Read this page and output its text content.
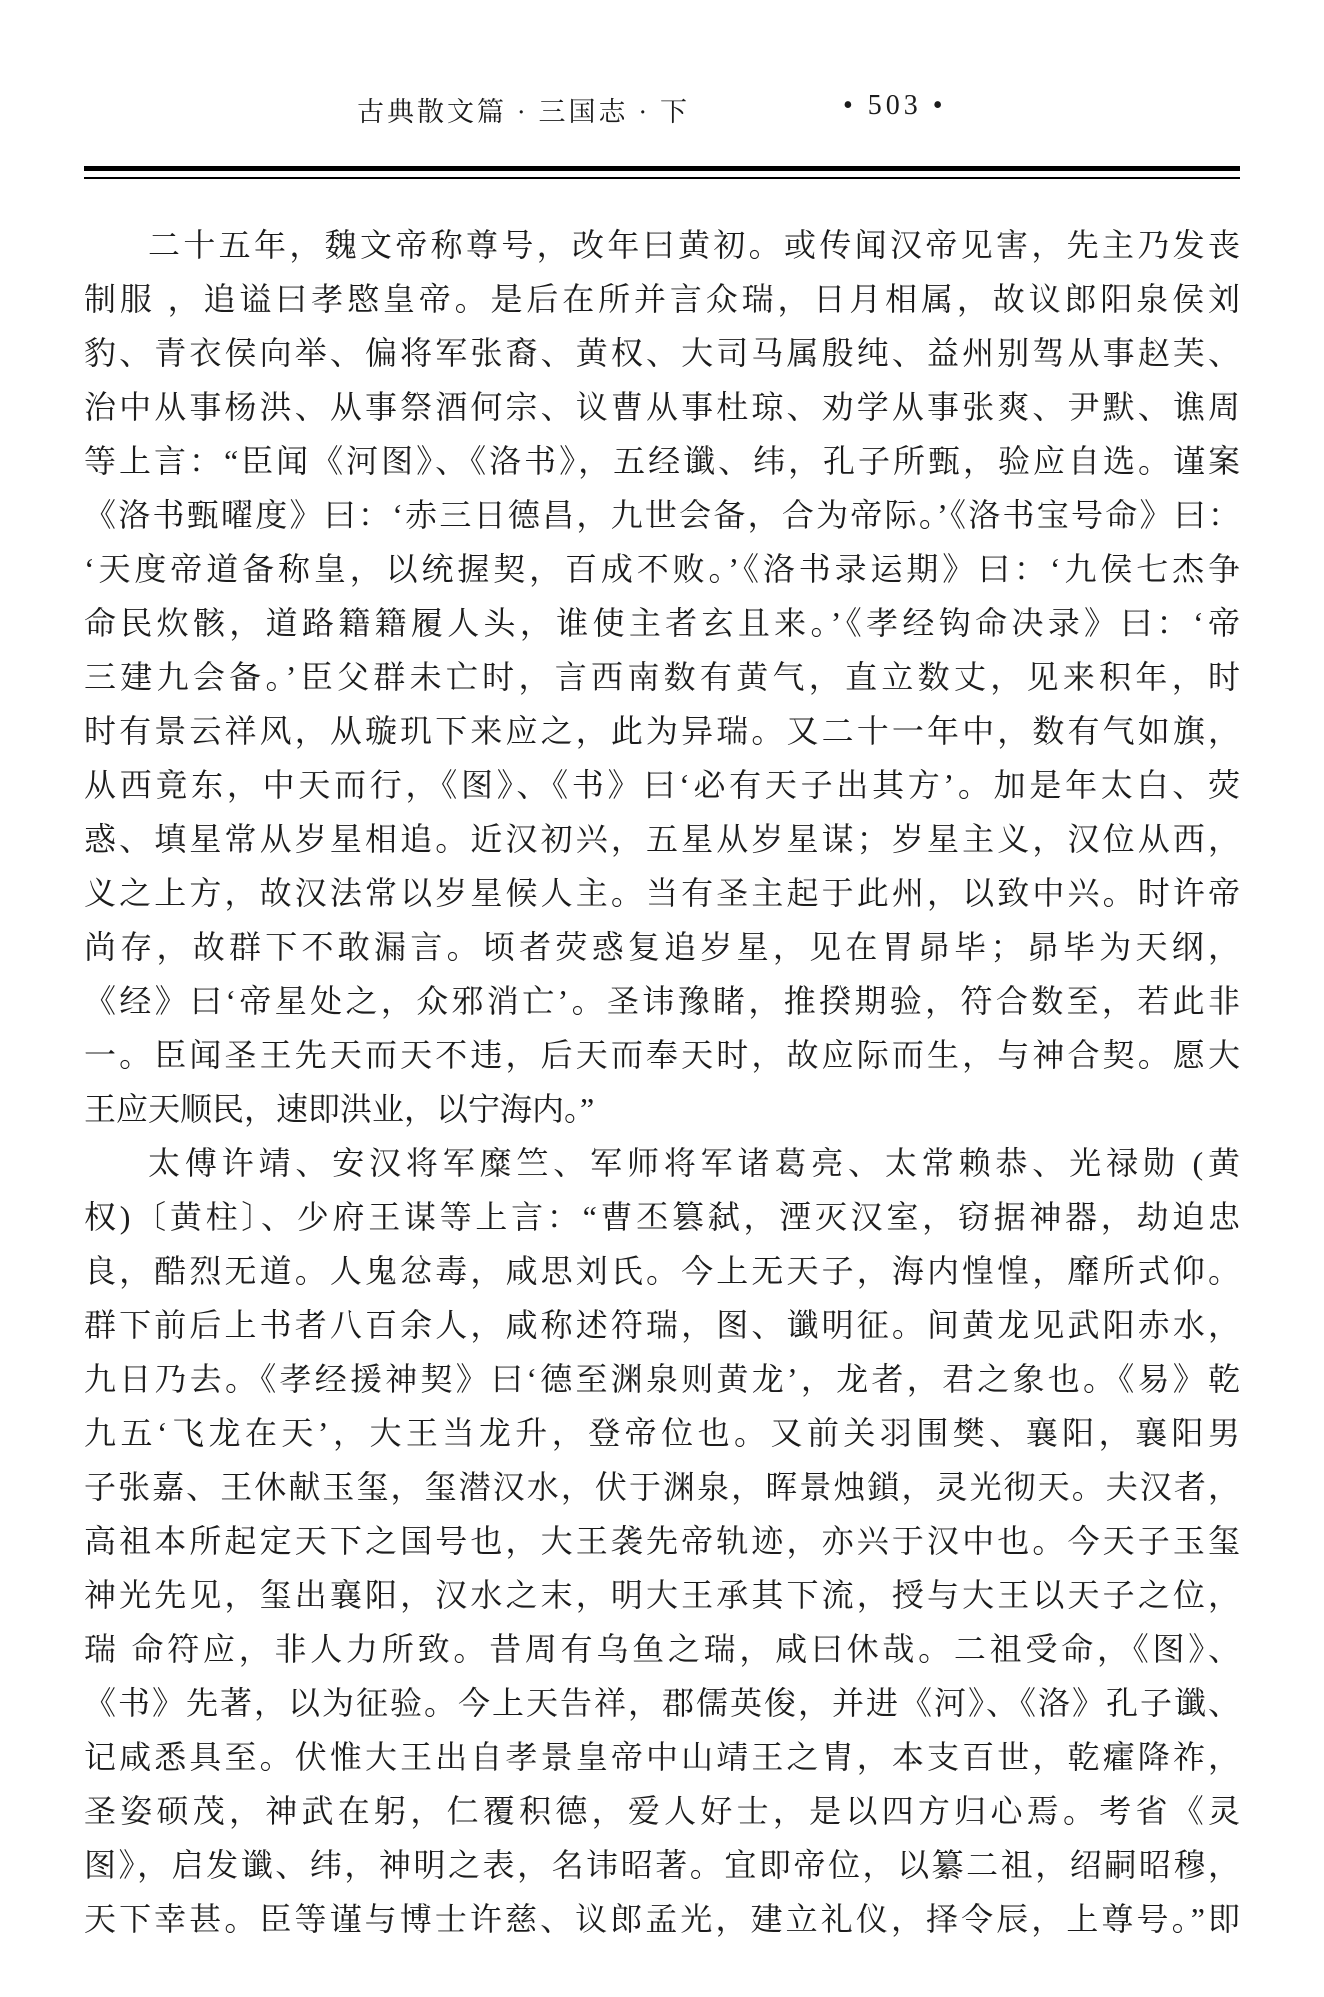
古典散文篇 · 三国志 · 下	• 503 •
二十五年，魏文帝称尊号，改年曰黄初。或传闻汉帝见害，先主乃发丧
制服 ，追谥曰孝愍皇帝。是后在所并言众瑞，日月相属，故议郎阳泉侯刘
豹、青衣侯向举、偏将军张裔、黄权、大司马属殷纯、益州别驾从事赵芙、
治中从事杨洪、从事祭酒何宗、议曹从事杜琼、劝学从事张爽、尹默、谯周
等上言：“臣闻《河图》、《洛书》，五经谶、纬，孔子所甄，验应自选。谨案
《洛书甄曜度》曰：‘赤三日德昌，九世会备，合为帝际。’《洛书宝号命》曰：
‘天度帝道备称皇，以统握契，百成不败。’《洛书录运期》曰：‘九侯七杰争
命民炊骸，道路籍籍履人头，谁使主者玄且来。’《孝经钩命决录》曰：‘帝
三建九会备。’臣父群未亡时，言西南数有黄气，直立数丈，见来积年，时
时有景云祥风，从璇玑下来应之，此为异瑞。又二十一年中，数有气如旗，
从西竟东，中天而行，《图》、《书》曰‘必有天子出其方’。加是年太白、荧
惑、填星常从岁星相追。近汉初兴，五星从岁星谋；岁星主义，汉位从西，
义之上方，故汉法常以岁星候人主。当有圣主起于此州，以致中兴。时许帝
尚存，故群下不敢漏言。顷者荧惑复追岁星，见在胃昴毕；昴毕为天纲，
《经》曰‘帝星处之，众邪消亡’。圣讳豫睹，推揆期验，符合数至，若此非
一。臣闻圣王先天而天不违，后天而奉天时，故应际而生，与神合契。愿大
王应天顺民，速即洪业，以宁海内。”
太傅许靖、安汉将军糜竺、军师将军诸葛亮、太常赖恭、光禄勋 (黄
权)〔黄柱〕、少府王谋等上言：“曹丕篡弑，湮灭汉室，窃据神器，劫迫忠
良，酷烈无道。人鬼忿毒，咸思刘氏。今上无天子，海内惶惶，靡所式仰。
群下前后上书者八百余人，咸称述符瑞，图、谶明征。间黄龙见武阳赤水，
九日乃去。《孝经援神契》曰‘德至渊泉则黄龙’，龙者，君之象也。《易》乾
九五‘飞龙在天’，大王当龙升，登帝位也。又前关羽围樊、襄阳，襄阳男
子张嘉、王休献玉玺，玺潜汉水，伏于渊泉，晖景烛鎖，灵光彻天。夫汉者，
高祖本所起定天下之国号也，大王袭先帝轨迹，亦兴于汉中也。今天子玉玺
神光先见，玺出襄阳，汉水之末，明大王承其下流，授与大王以天子之位，
瑞 命符应，非人力所致。昔周有乌鱼之瑞，咸曰休哉。二祖受命，《图》、
《书》先著，以为征验。今上天告祥，郡儒英俊，并进《河》、《洛》孔子谶、
记咸悉具至。伏惟大王出自孝景皇帝中山靖王之胄，本支百世，乾癨降祚，
圣姿硕茂，神武在躬，仁覆积德，爱人好士，是以四方归心焉。考省《灵
图》，启发谶、纬，神明之表，名讳昭著。宜即帝位，以纂二祖，绍嗣昭穆，
天下幸甚。臣等谨与博士许慈、议郎孟光，建立礼仪，择令辰，上尊号。”即
